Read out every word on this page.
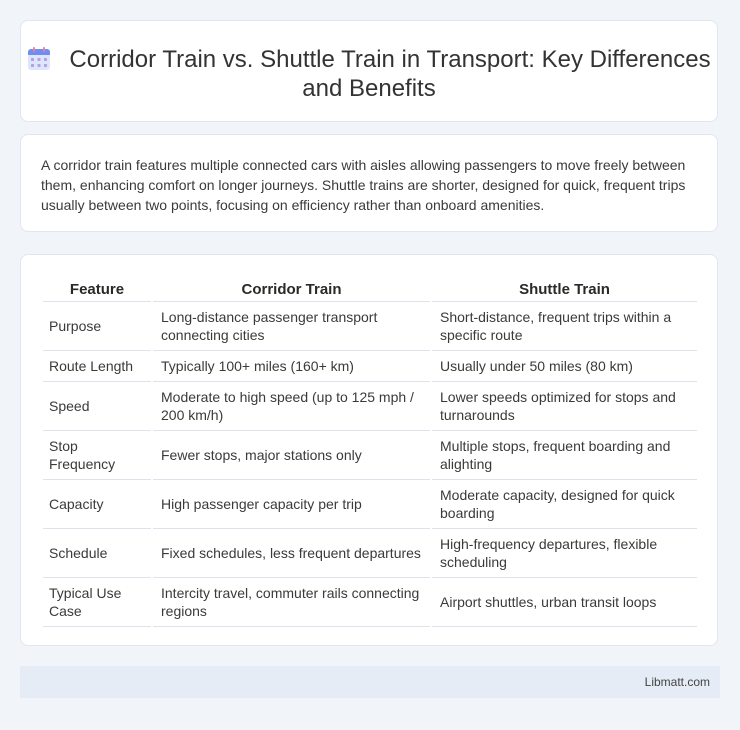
Corridor Train vs. Shuttle Train in Transport: Key Differences and Benefits
A corridor train features multiple connected cars with aisles allowing passengers to move freely between them, enhancing comfort on longer journeys. Shuttle trains are shorter, designed for quick, frequent trips usually between two points, focusing on efficiency rather than onboard amenities.
Feature	Corridor Train	Shuttle Train
Purpose	Long-distance passenger transport connecting cities	Short-distance, frequent trips within a specific route
Route Length	Typically 100+ miles (160+ km)	Usually under 50 miles (80 km)
Speed	Moderate to high speed (up to 125 mph / 200 km/h)	Lower speeds optimized for stops and turnarounds
Stop Frequency	Fewer stops, major stations only	Multiple stops, frequent boarding and alighting
Capacity	High passenger capacity per trip	Moderate capacity, designed for quick boarding
Schedule	Fixed schedules, less frequent departures	High-frequency departures, flexible scheduling
Typical Use Case	Intercity travel, commuter rails connecting regions	Airport shuttles, urban transit loops
Libmatt.com
